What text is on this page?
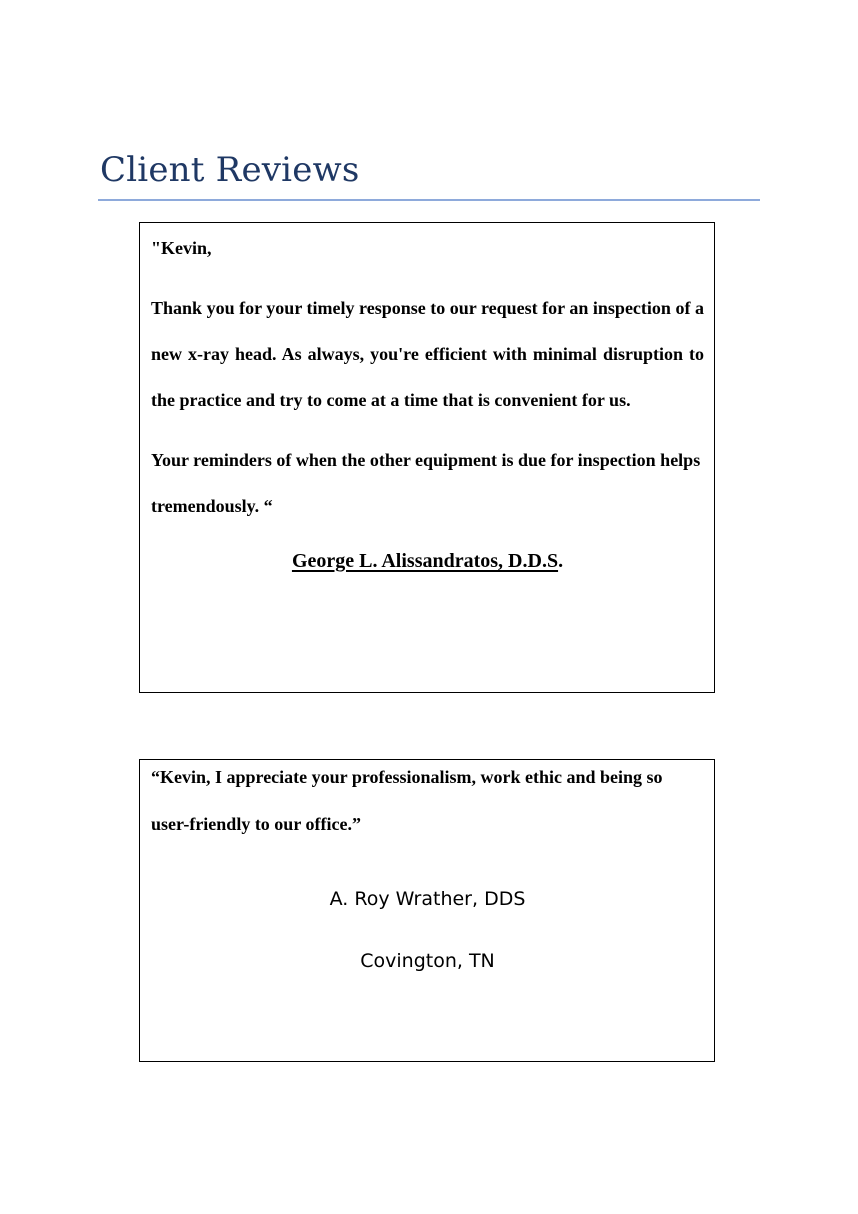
Client Reviews

"Kevin,

Thank you for your timely response to our request for an inspection of a new x-ray head. As always, you're efficient with minimal disruption to the practice and try to come at a time that is convenient for us.

Your reminders of when the other equipment is due for inspection helps tremendously. “

George L. Alissandratos, D.D.S.

“Kevin, I appreciate your professionalism, work ethic and being so user-friendly to our office.”

A. Roy Wrather, DDS

Covington, TN
